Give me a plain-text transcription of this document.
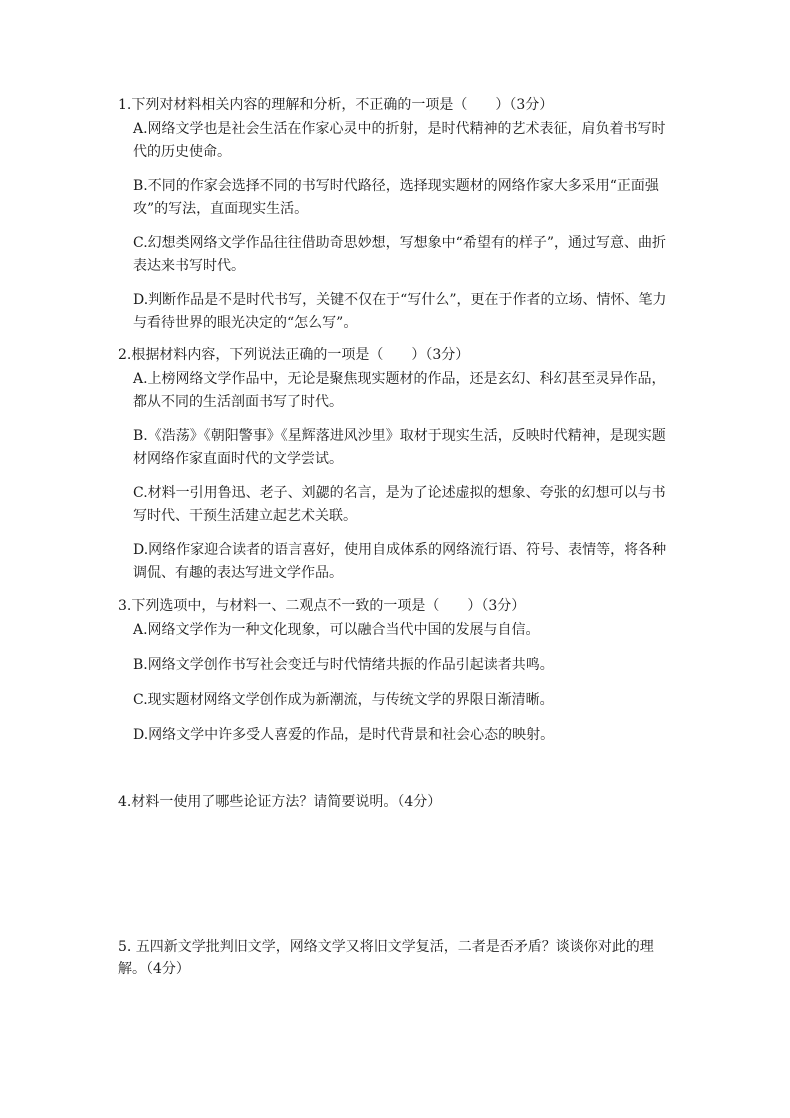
1.下列对材料相关内容的理解和分析，不正确的一项是（　　）（3分）
A.网络文学也是社会生活在作家心灵中的折射，是时代精神的艺术表征，肩负着书写时代的历史使命。
B.不同的作家会选择不同的书写时代路径，选择现实题材的网络作家大多采用“正面强攻”的写法，直面现实生活。
C.幻想类网络文学作品往往借助奇思妙想，写想象中“希望有的样子”，通过写意、曲折表达来书写时代。
D.判断作品是不是时代书写，关键不仅在于“写什么”，更在于作者的立场、情怀、笔力与看待世界的眼光决定的“怎么写”。
2.根据材料内容，下列说法正确的一项是（　　）（3分）
A.上榜网络文学作品中，无论是聚焦现实题材的作品，还是玄幻、科幻甚至灵异作品，都从不同的生活剖面书写了时代。
B.《浩荡》《朝阳警事》《星辉落进风沙里》取材于现实生活，反映时代精神，是现实题材网络作家直面时代的文学尝试。
C.材料一引用鲁迅、老子、刘勰的名言，是为了论述虚拟的想象、夸张的幻想可以与书写时代、干预生活建立起艺术关联。
D.网络作家迎合读者的语言喜好，使用自成体系的网络流行语、符号、表情等，将各种调侃、有趣的表达写进文学作品。
3.下列选项中，与材料一、二观点不一致的一项是（　　）（3分）
A.网络文学作为一种文化现象，可以融合当代中国的发展与自信。
B.网络文学创作书写社会变迁与时代情绪共振的作品引起读者共鸣。
C.现实题材网络文学创作成为新潮流，与传统文学的界限日渐清晰。
D.网络文学中许多受人喜爱的作品，是时代背景和社会心态的映射。
4.材料一使用了哪些论证方法？请简要说明。（4分）
5. 五四新文学批判旧文学，网络文学又将旧文学复活，二者是否矛盾？谈谈你对此的理解。（4分）
